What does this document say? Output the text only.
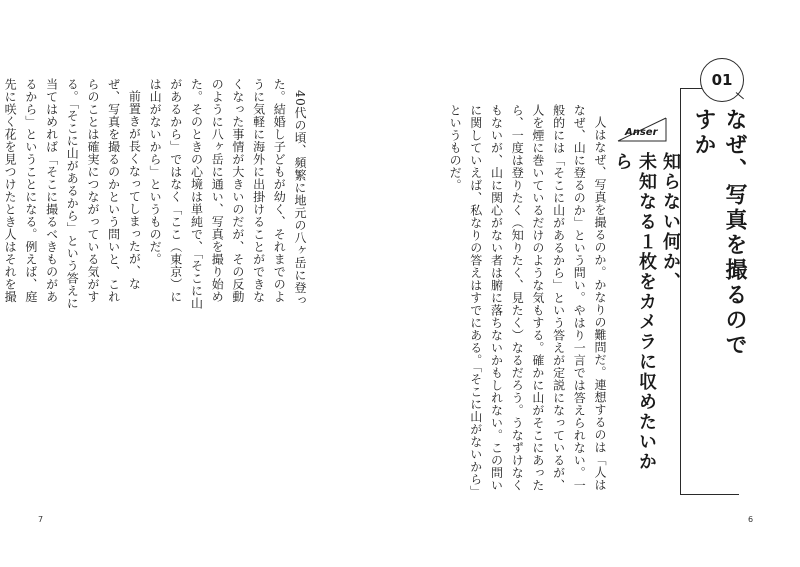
40代の頃、頻繁に地元の八ヶ岳に登った。結婚し子どもが幼く、それまでのように気軽に海外に出掛けることができなくなった事情が大きいのだが、その反動のように八ヶ岳に通い、写真を撮り始めた。そのときの心境は単純で、「そこに山があるから」ではなく「ここ（東京）には山がないから」というものだ。

前置きが長くなってしまったが、なぜ、写真を撮るのかという問いと、これらのことは確実につながっている気がする。「そこに山があるから」という答えに当てはめれば「そこに撮るべきものがあるから」ということになる。例えば、庭先に咲く花を見つけたとき人はそれを撮

7

人はなぜ、写真を撮るのか。かなりの難問だ。連想するのは「人はなぜ、山に登るのか」という問い。やはり一言では答えられない。一般的には「そこに山があるから」という答えが定説になっているが、人を煙に巻いているだけのような気もする。確かに山がそこにあったら、一度は登りたく（知りたく、見たく）なるだろう。うなずけなくもないが、山に関心がない者は腑に落ちないかもしれない。この問いに関していえば、私なりの答えはすでにある。「そこに山がないから」というものだ。	Anser
知らない何か、
未知なる１枚をカメラに収めたいから
01
なぜ、写真を撮るのですか
6
